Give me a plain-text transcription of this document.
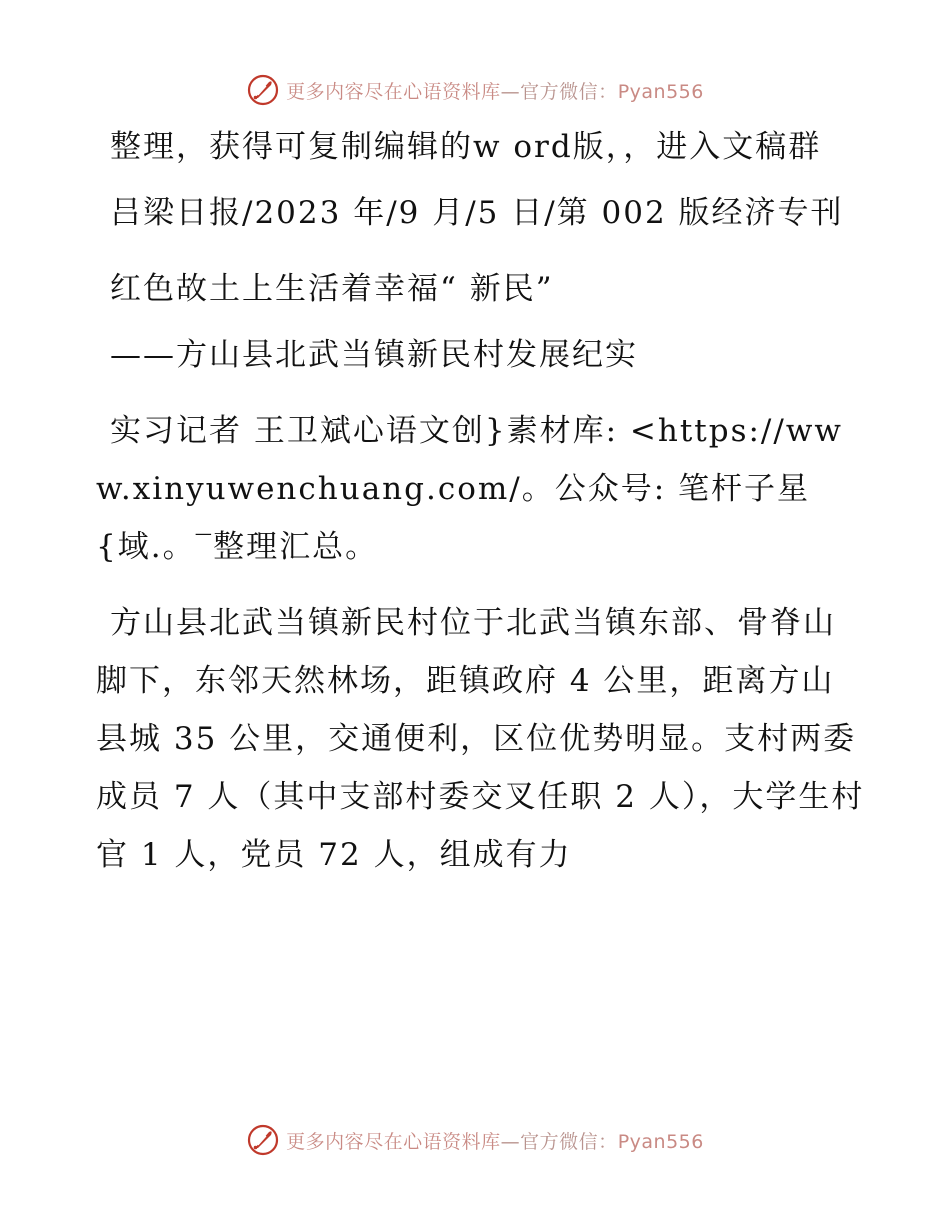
更多内容尽在心语资料库—官方微信：Pyan556

整理，获得可复制编辑的w ord版，，进入文稿群

吕梁日报/2023 年/9 月/5 日/第 002 版经济专刊

红色故土上生活着幸福“ 新民”

——方山县北武当镇新民村发展纪实

实习记者 王卫斌心语文创}素材库: <https://www.xinyuwenchuang.com/。公众号: 笔杆子星{域.。‾整理汇总。

方山县北武当镇新民村位于北武当镇东部、骨脊山脚下，东邻天然林场，距镇政府 4 公里，距离方山县城 35 公里，交通便利，区位优势明显。支村两委成员 7 人（其中支部村委交叉任职 2 人），大学生村官 1 人，党员 72 人，组成有力

更多内容尽在心语资料库—官方微信：Pyan556
